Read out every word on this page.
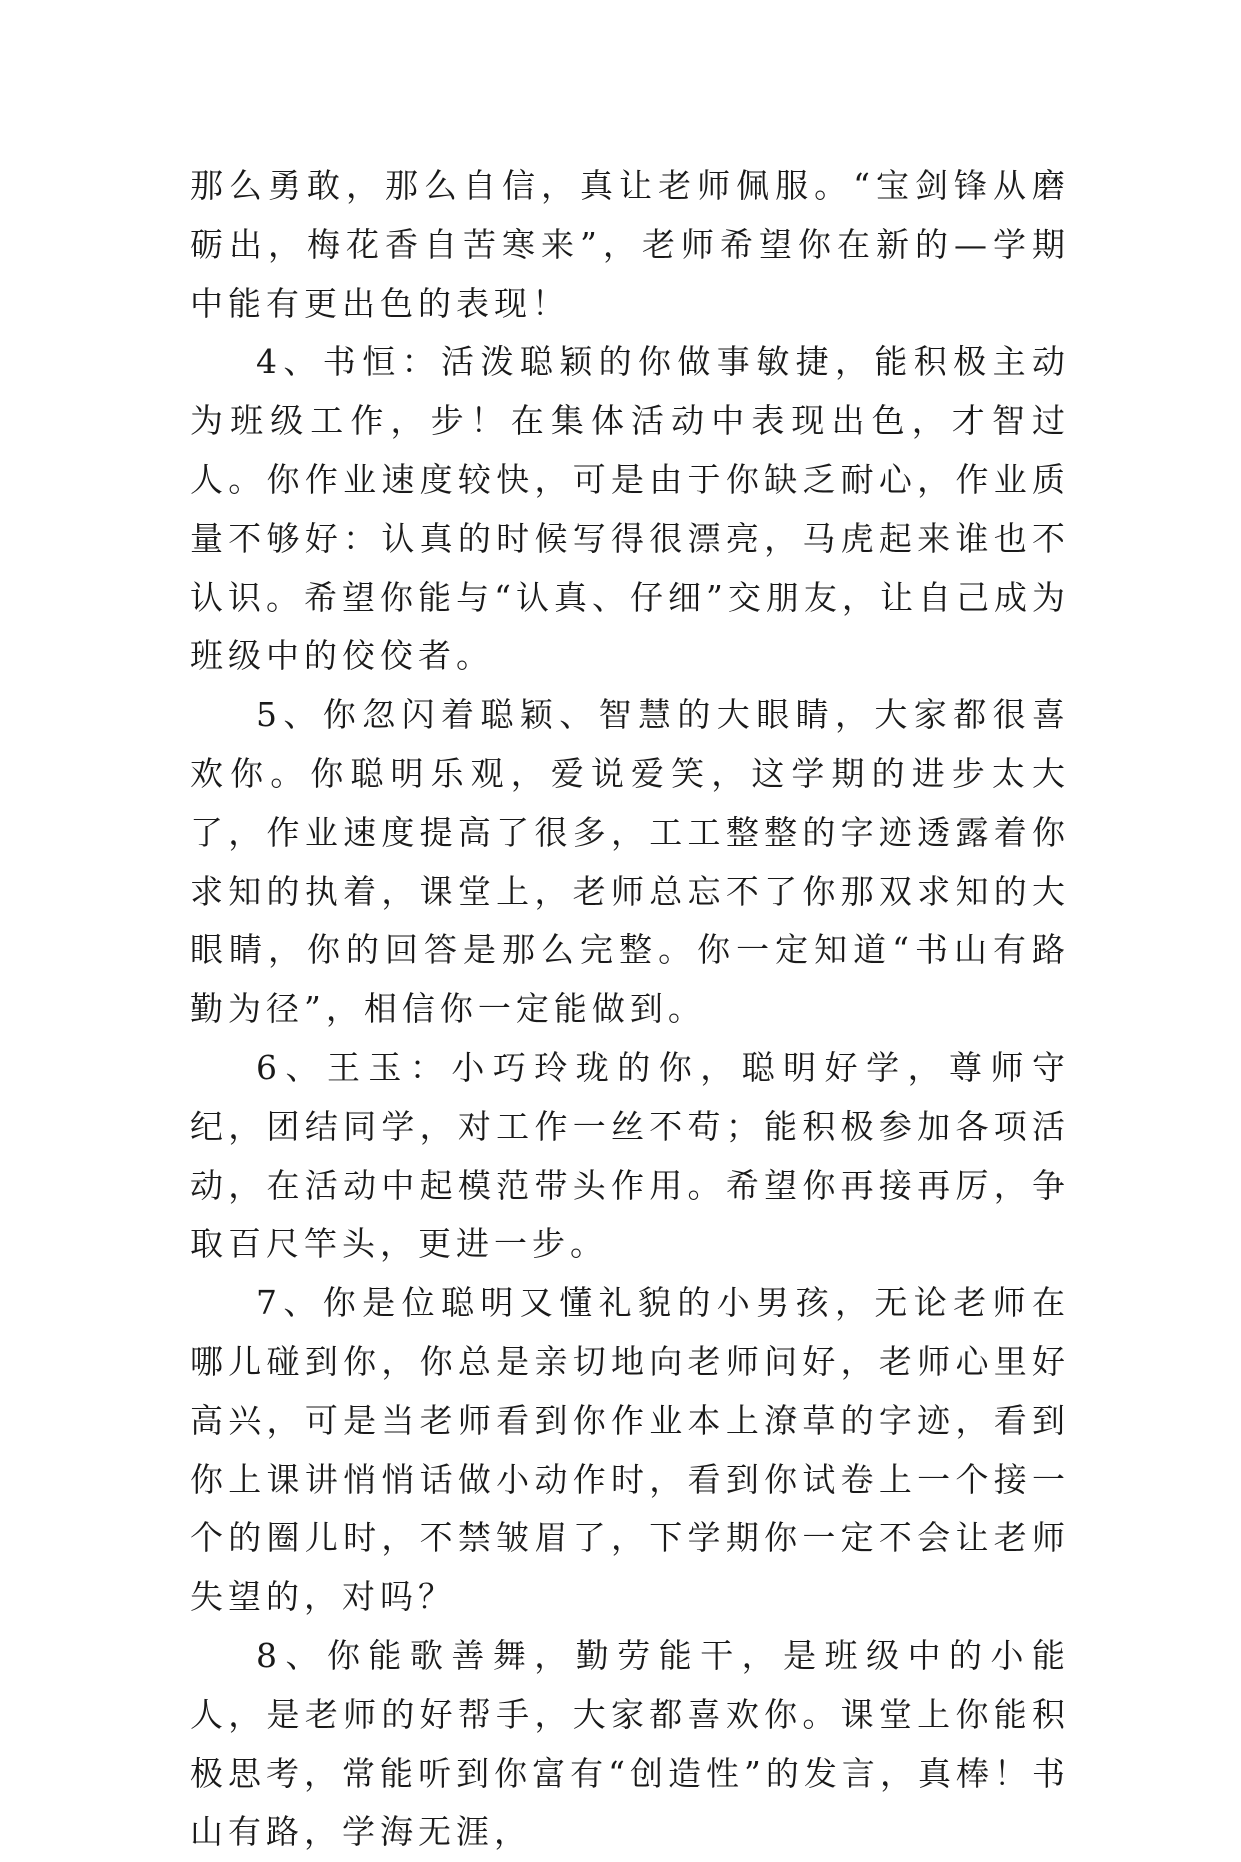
那么勇敢，那么自信，真让老师佩服。“宝剑锋从磨砺出，梅花香自苦寒来”，老师希望你在新的—学期中能有更出色的表现！

4、书恒：活泼聪颖的你做事敏捷，能积极主动为班级工作，步！在集体活动中表现出色，才智过人。你作业速度较快，可是由于你缺乏耐心，作业质量不够好：认真的时候写得很漂亮，马虎起来谁也不认识。希望你能与“认真、仔细”交朋友，让自己成为班级中的佼佼者。

5、你忽闪着聪颖、智慧的大眼睛，大家都很喜欢你。你聪明乐观，爱说爱笑，这学期的进步太大了，作业速度提高了很多，工工整整的字迹透露着你求知的执着，课堂上，老师总忘不了你那双求知的大眼睛，你的回答是那么完整。你一定知道“书山有路勤为径”，相信你一定能做到。

6、王玉：小巧玲珑的你，聪明好学，尊师守纪，团结同学，对工作一丝不苟；能积极参加各项活动，在活动中起模范带头作用。希望你再接再厉，争取百尺竿头，更进一步。

7、你是位聪明又懂礼貌的小男孩，无论老师在哪儿碰到你，你总是亲切地向老师问好，老师心里好高兴，可是当老师看到你作业本上潦草的字迹，看到你上课讲悄悄话做小动作时，看到你试卷上一个接一个的圈儿时，不禁皱眉了，下学期你一定不会让老师失望的，对吗？

8、你能歌善舞，勤劳能干，是班级中的小能人，是老师的好帮手，大家都喜欢你。课堂上你能积极思考，常能听到你富有“创造性”的发言，真棒！书山有路，学海无涯，
